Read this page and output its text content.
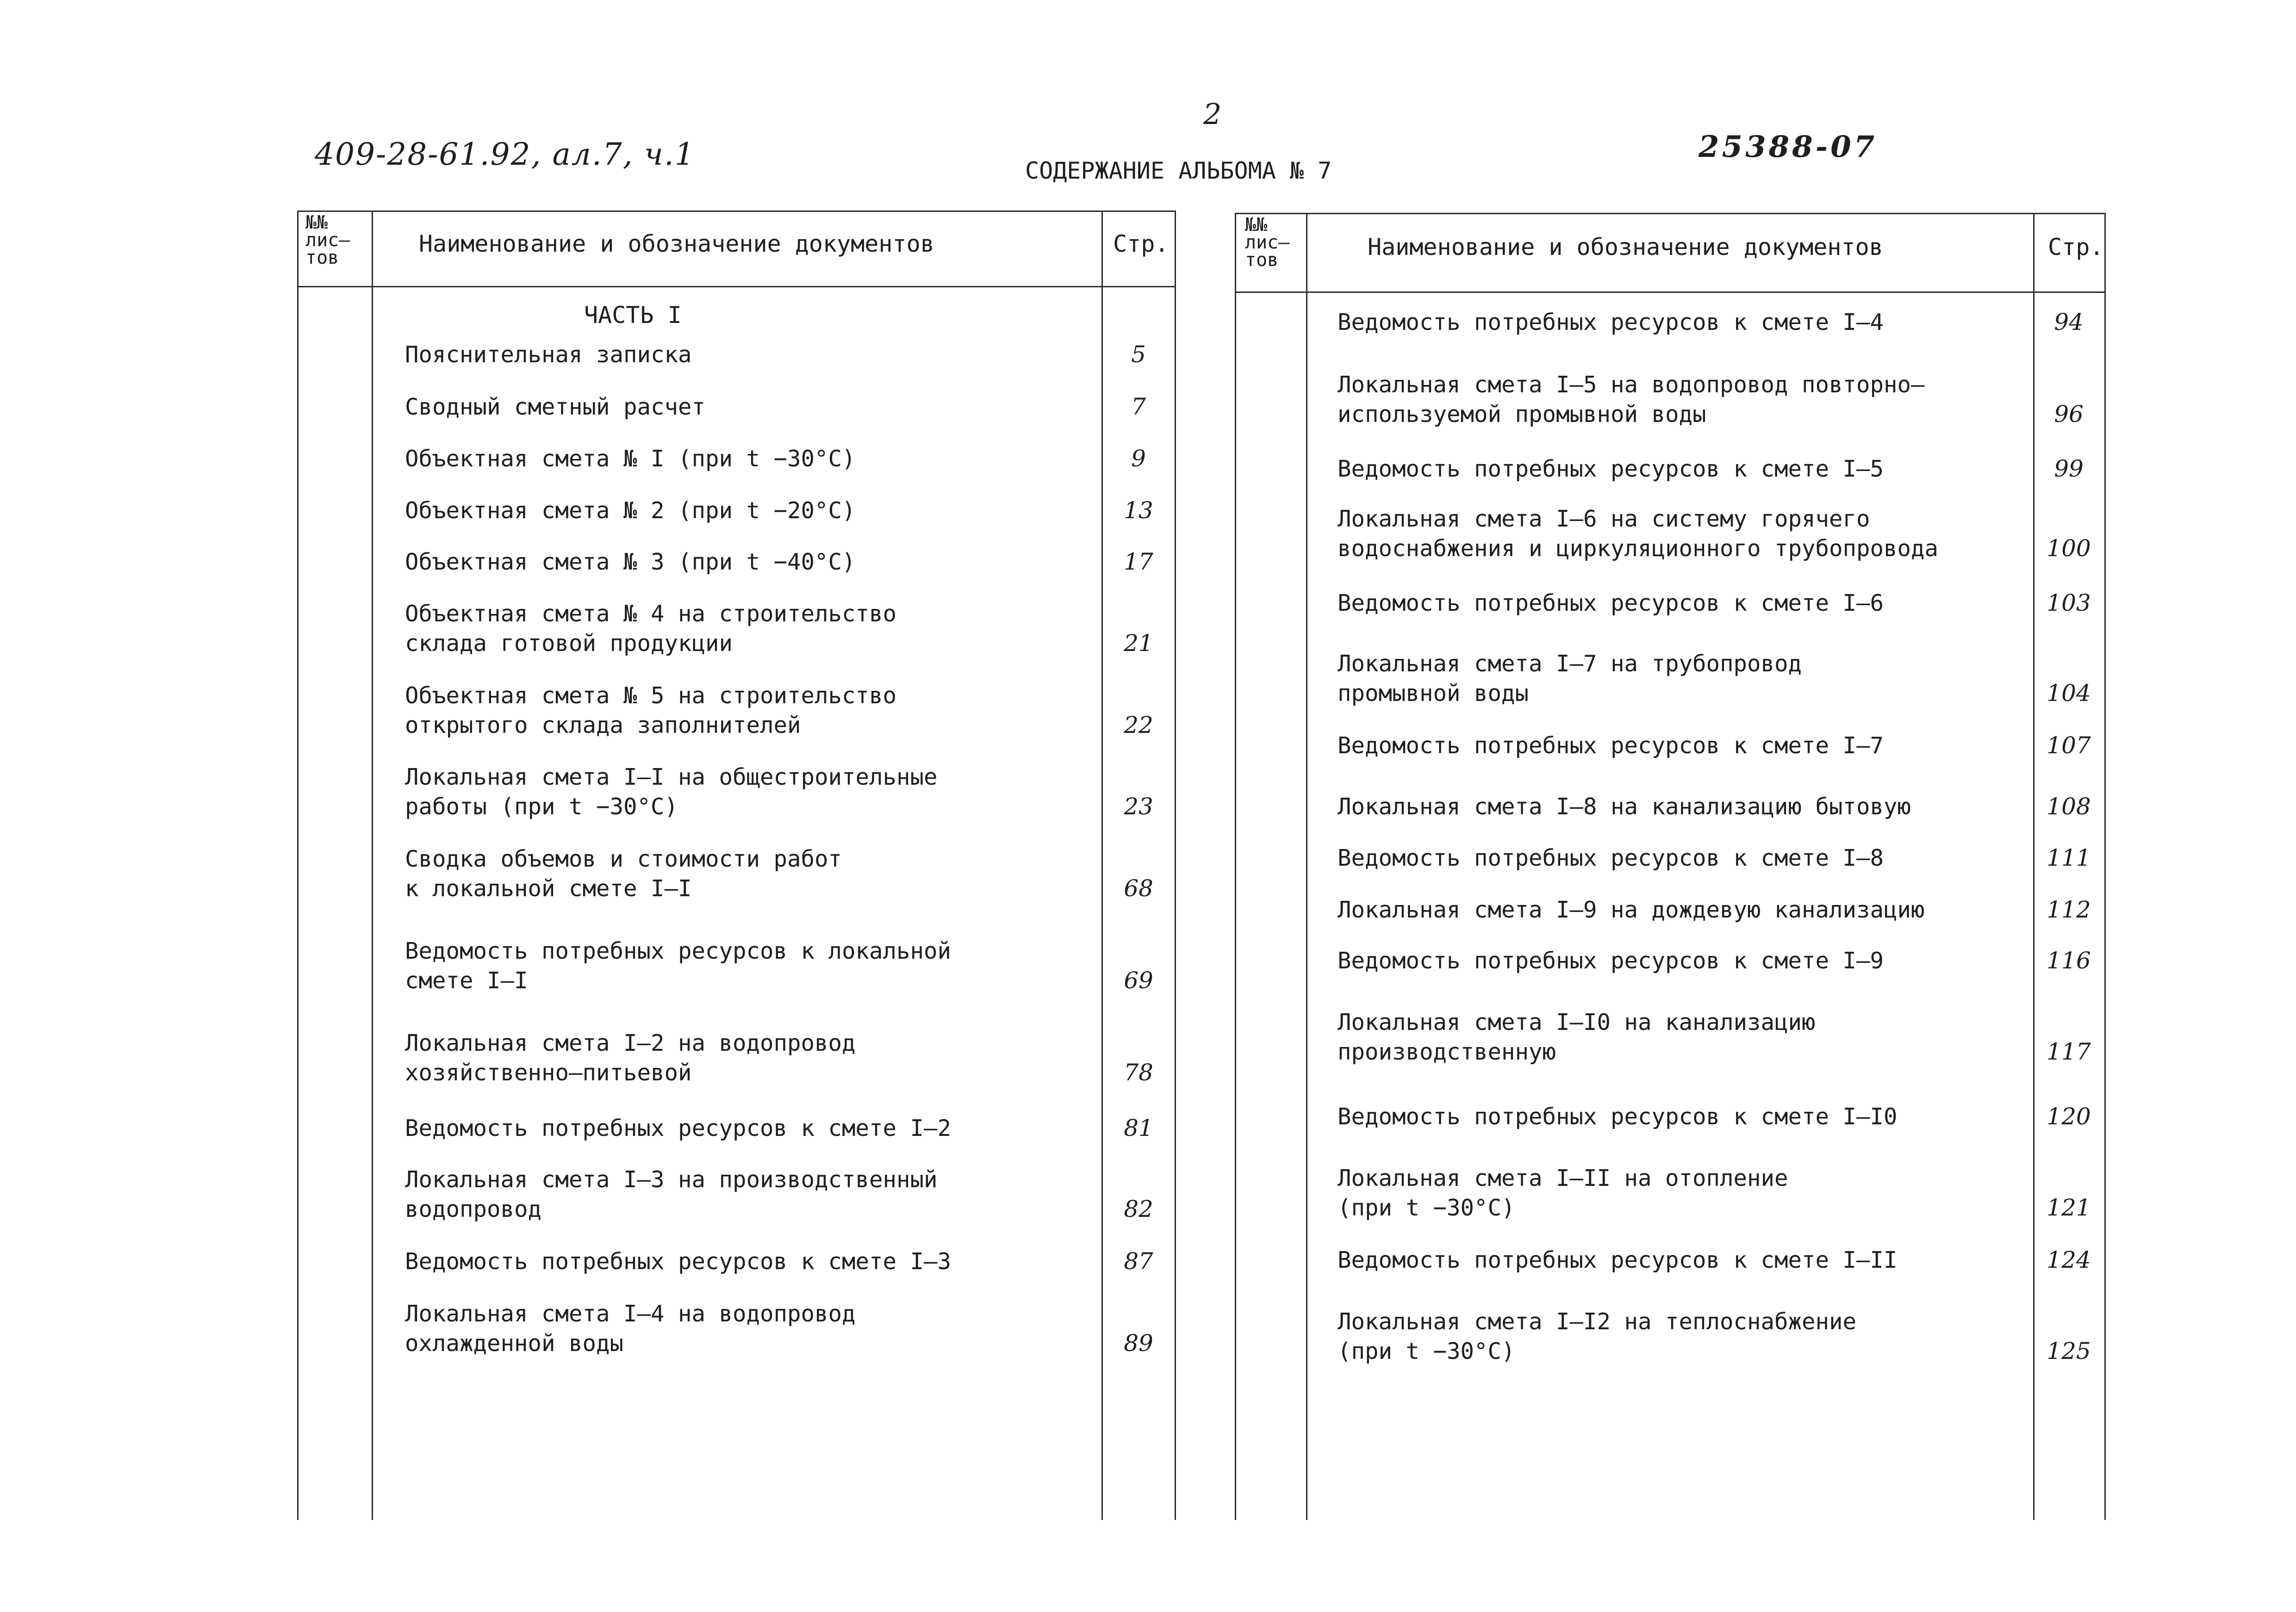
2
409-28-61.92, ал.7, ч.1	25388-07
СОДЕРЖАНИЕ АЛЬБОМА № 7
№№
лис–
тов
Наименование и обозначение документов	Стр.
ЧАСТЬ I
Пояснительная записка	5
Сводный сметный расчет	7
Объектная смета № I (при t −30°C)	9
Объектная смета № 2 (при t −20°C)	13
Объектная смета № 3 (при t −40°C)	17
Объектная смета № 4 на строительство
склада готовой продукции	21
Объектная смета № 5 на строительство
открытого склада заполнителей	22
Локальная смета I–I на общестроительные
работы (при t −30°C)	23
Сводка объемов и стоимости работ
к локальной смете I–I	68
Ведомость потребных ресурсов к локальной
смете I–I	69
Локальная смета I–2 на водопровод
хозяйственно–питьевой	78
Ведомость потребных ресурсов к смете I–2	81
Локальная смета I–3 на производственный
водопровод	82
Ведомость потребных ресурсов к смете I–3	87
Локальная смета I–4 на водопровод
охлажденной воды	89
№№
лис–
тов	Наименование и обозначение документов	Стр.
Ведомость потребных ресурсов к смете I–4	94
Локальная смета I–5 на водопровод повторно–
используемой промывной воды	96
Ведомость потребных ресурсов к смете I–5	99
Локальная смета I–6 на систему горячего
водоснабжения и циркуляционного трубопровода	100
Ведомость потребных ресурсов к смете I–6	103
Локальная смета I–7 на трубопровод
промывной воды	104
Ведомость потребных ресурсов к смете I–7	107
Локальная смета I–8 на канализацию бытовую	108
Ведомость потребных ресурсов к смете I–8	111
Локальная смета I–9 на дождевую канализацию	112
Ведомость потребных ресурсов к смете I–9	116
Локальная смета I–I0 на канализацию
производственную	117
Ведомость потребных ресурсов к смете I–I0	120
Локальная смета I–II на отопление
(при t −30°C)	121
Ведомость потребных ресурсов к смете I–II	124
Локальная смета I–I2 на теплоснабжение
(при t −30°C)	125
